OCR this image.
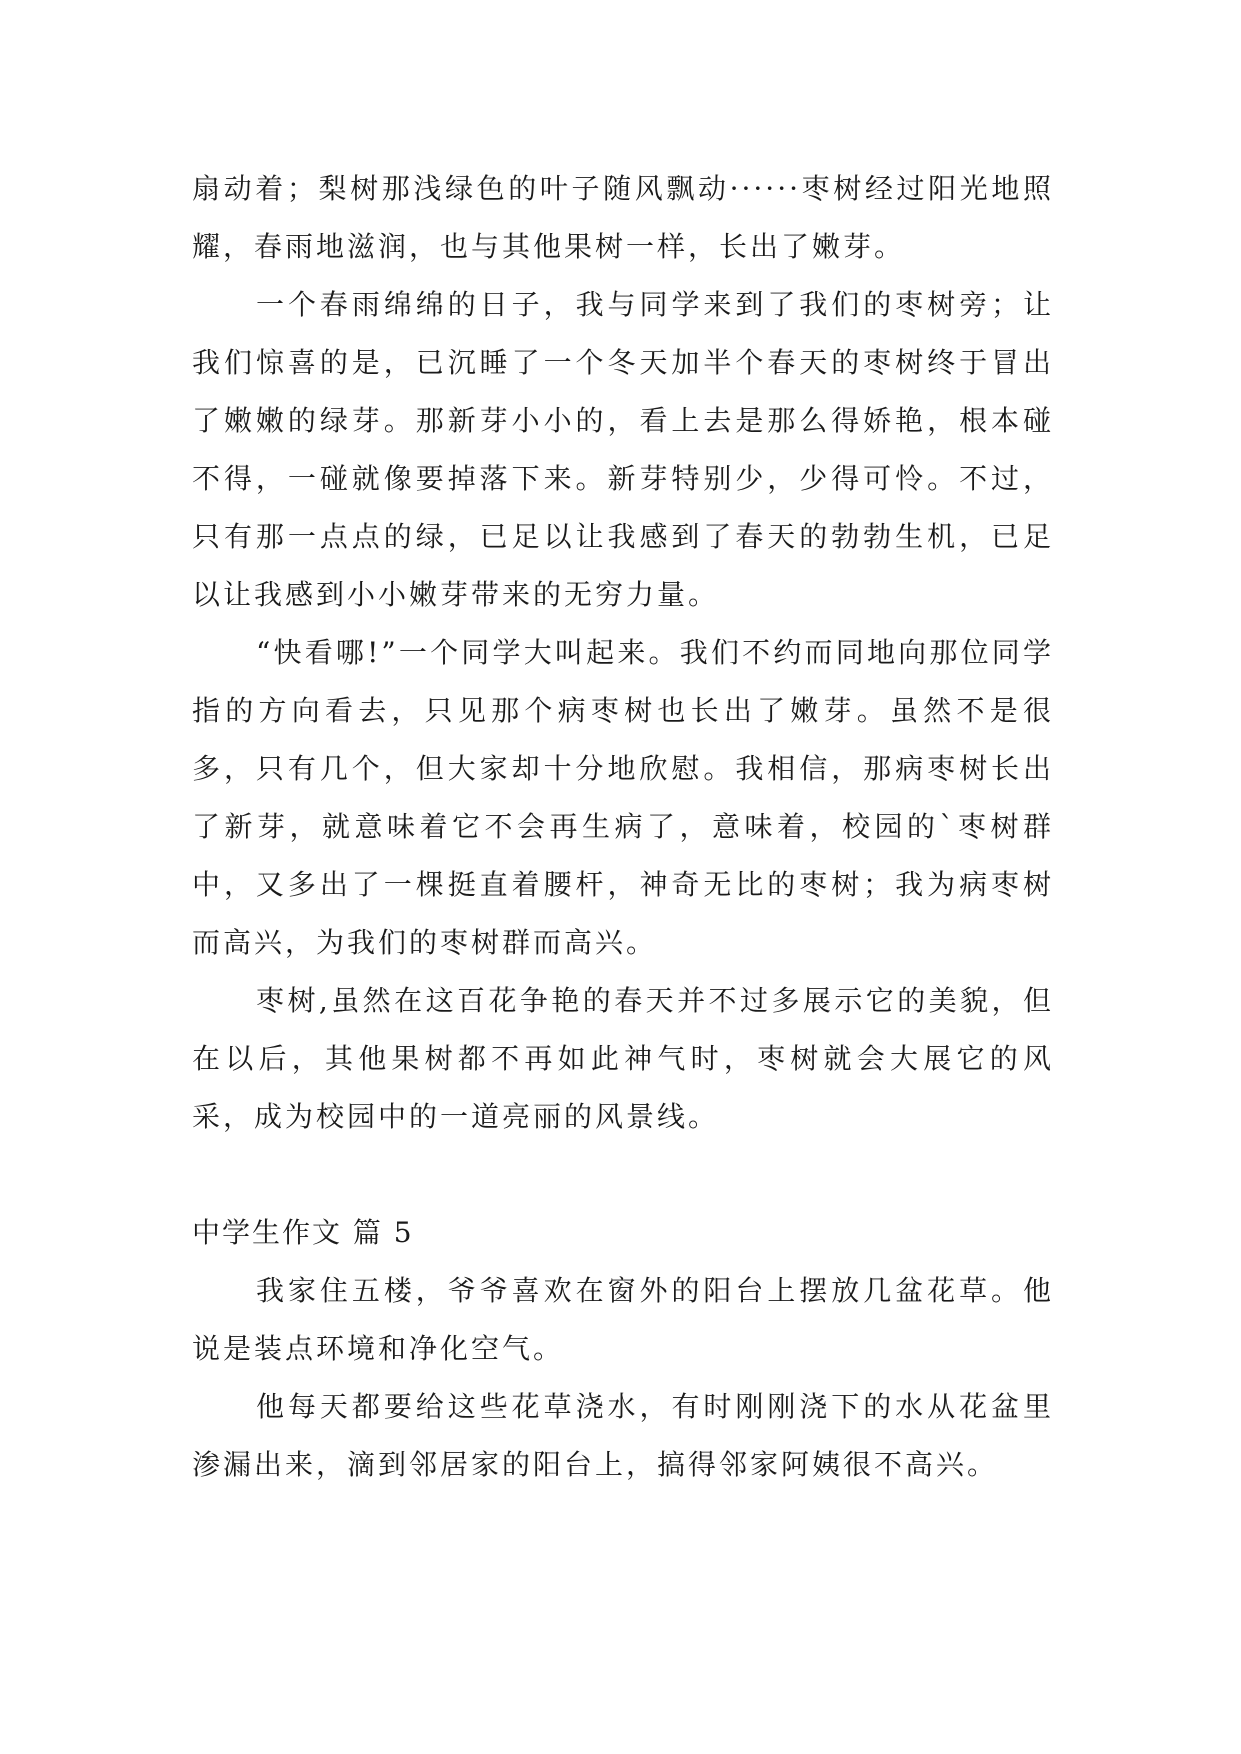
扇动着；梨树那浅绿色的叶子随风飘动······枣树经过阳光地照耀，春雨地滋润，也与其他果树一样，长出了嫩芽。

一个春雨绵绵的日子，我与同学来到了我们的枣树旁；让我们惊喜的是，已沉睡了一个冬天加半个春天的枣树终于冒出了嫩嫩的绿芽。那新芽小小的，看上去是那么得娇艳，根本碰不得，一碰就像要掉落下来。新芽特别少，少得可怜。不过，只有那一点点的绿，已足以让我感到了春天的勃勃生机，已足以让我感到小小嫩芽带来的无穷力量。

“快看哪!”一个同学大叫起来。我们不约而同地向那位同学指的方向看去，只见那个病枣树也长出了嫩芽。虽然不是很多，只有几个，但大家却十分地欣慰。我相信，那病枣树长出了新芽，就意味着它不会再生病了，意味着，校园的`枣树群中，又多出了一棵挺直着腰杆，神奇无比的枣树；我为病枣树而高兴，为我们的枣树群而高兴。

枣树,虽然在这百花争艳的春天并不过多展示它的美貌，但在以后，其他果树都不再如此神气时，枣树就会大展它的风采，成为校园中的一道亮丽的风景线。

中学生作文 篇 5

我家住五楼，爷爷喜欢在窗外的阳台上摆放几盆花草。他说是装点环境和净化空气。

他每天都要给这些花草浇水，有时刚刚浇下的水从花盆里渗漏出来，滴到邻居家的阳台上，搞得邻家阿姨很不高兴。
